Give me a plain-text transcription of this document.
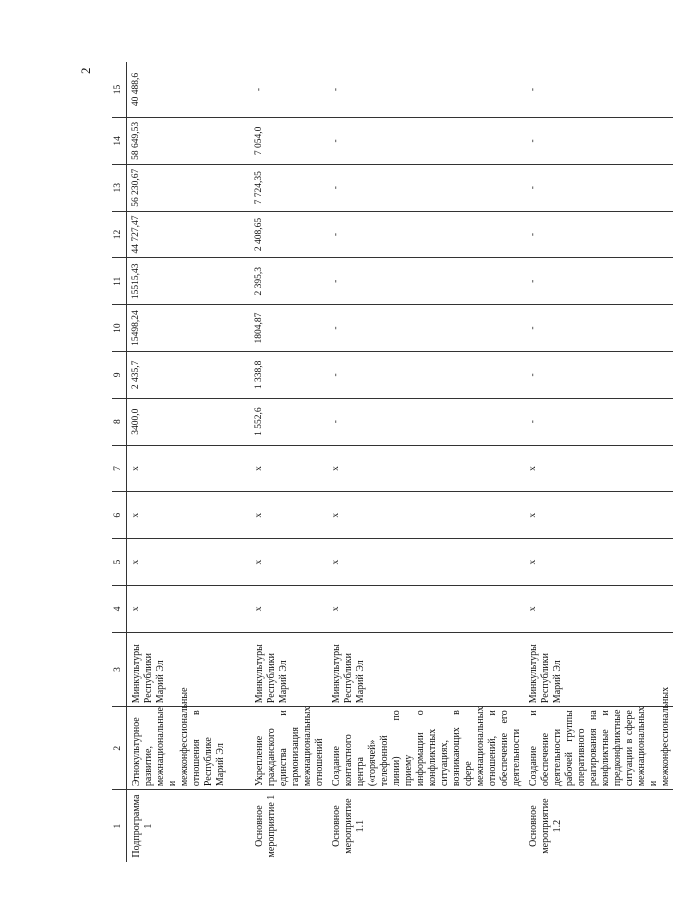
2
1	2	3	4	5	6	7	8	9	10	11	12	13	14	15
Подпрограмма 1	Этнокультурное развитие, межнациональные и межконфессиональные отношения в Республике Марий Эл	Минкультуры Республики Марий Эл	х	х	х	х	3400,0	2 435,7	15498,24	15515,43	44 727,47	56 230,67	58 649,53	40 488,6
Основное мероприятие 1	Укрепление гражданского единства и гармонизация межнациональных отношений	Минкультуры Республики Марий Эл	х	х	х	х	1 552,6	1 338,8	1804,87	2 395,3	2 408,65	7 724,35	7 054,0	-
Основное мероприятие 1.1	Создание контактного центра («горячей» телефонной линии) по приему информации о конфликтных ситуациях, возникающих в сфере межнациональных отношений, и обеспечение его деятельности	Минкультуры Республики Марий Эл	х	х	х	х	-	-	-	-	-	-	-	-
Основное мероприятие 1.2	Создание и обеспечение деятельности рабочей группы оперативного реагирования на конфликтные и предконфликтные ситуации в сфере межнациональных и межконфессиональных	Минкультуры Республики Марий Эл	х	х	х	х	-	-	-	-	-	-	-	-
